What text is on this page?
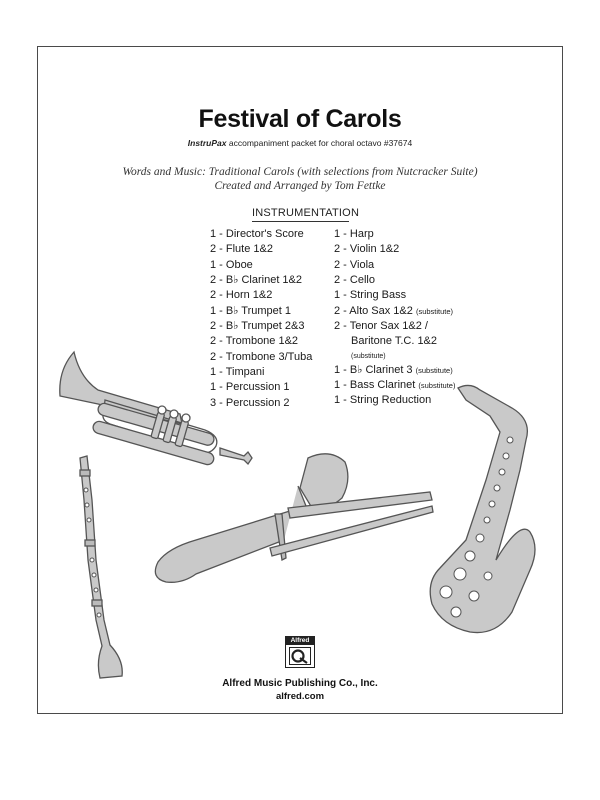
Festival of Carols
InstruPax accompaniment packet for choral octavo #37674
Words and Music: Traditional Carols (with selections from Nutcracker Suite)
Created and Arranged by Tom Fettke
INSTRUMENTATION
1 - Director's Score
2 - Flute 1&2
1 - Oboe
2 - B♭ Clarinet 1&2
2 - Horn 1&2
1 - B♭ Trumpet 1
2 - B♭ Trumpet 2&3
2 - Trombone 1&2
2 - Trombone 3/Tuba
1 - Timpani
1 - Percussion 1
3 - Percussion 2
1 - Harp
2 - Violin 1&2
2 - Viola
2 - Cello
1 - String Bass
2 - Alto Sax 1&2 (substitute)
2 - Tenor Sax 1&2 /
Baritone T.C. 1&2
(substitute)
1 - B♭ Clarinet 3 (substitute)
1 - Bass Clarinet (substitute)
1 - String Reduction
Alfred
Alfred Music Publishing Co., Inc.
alfred.com
